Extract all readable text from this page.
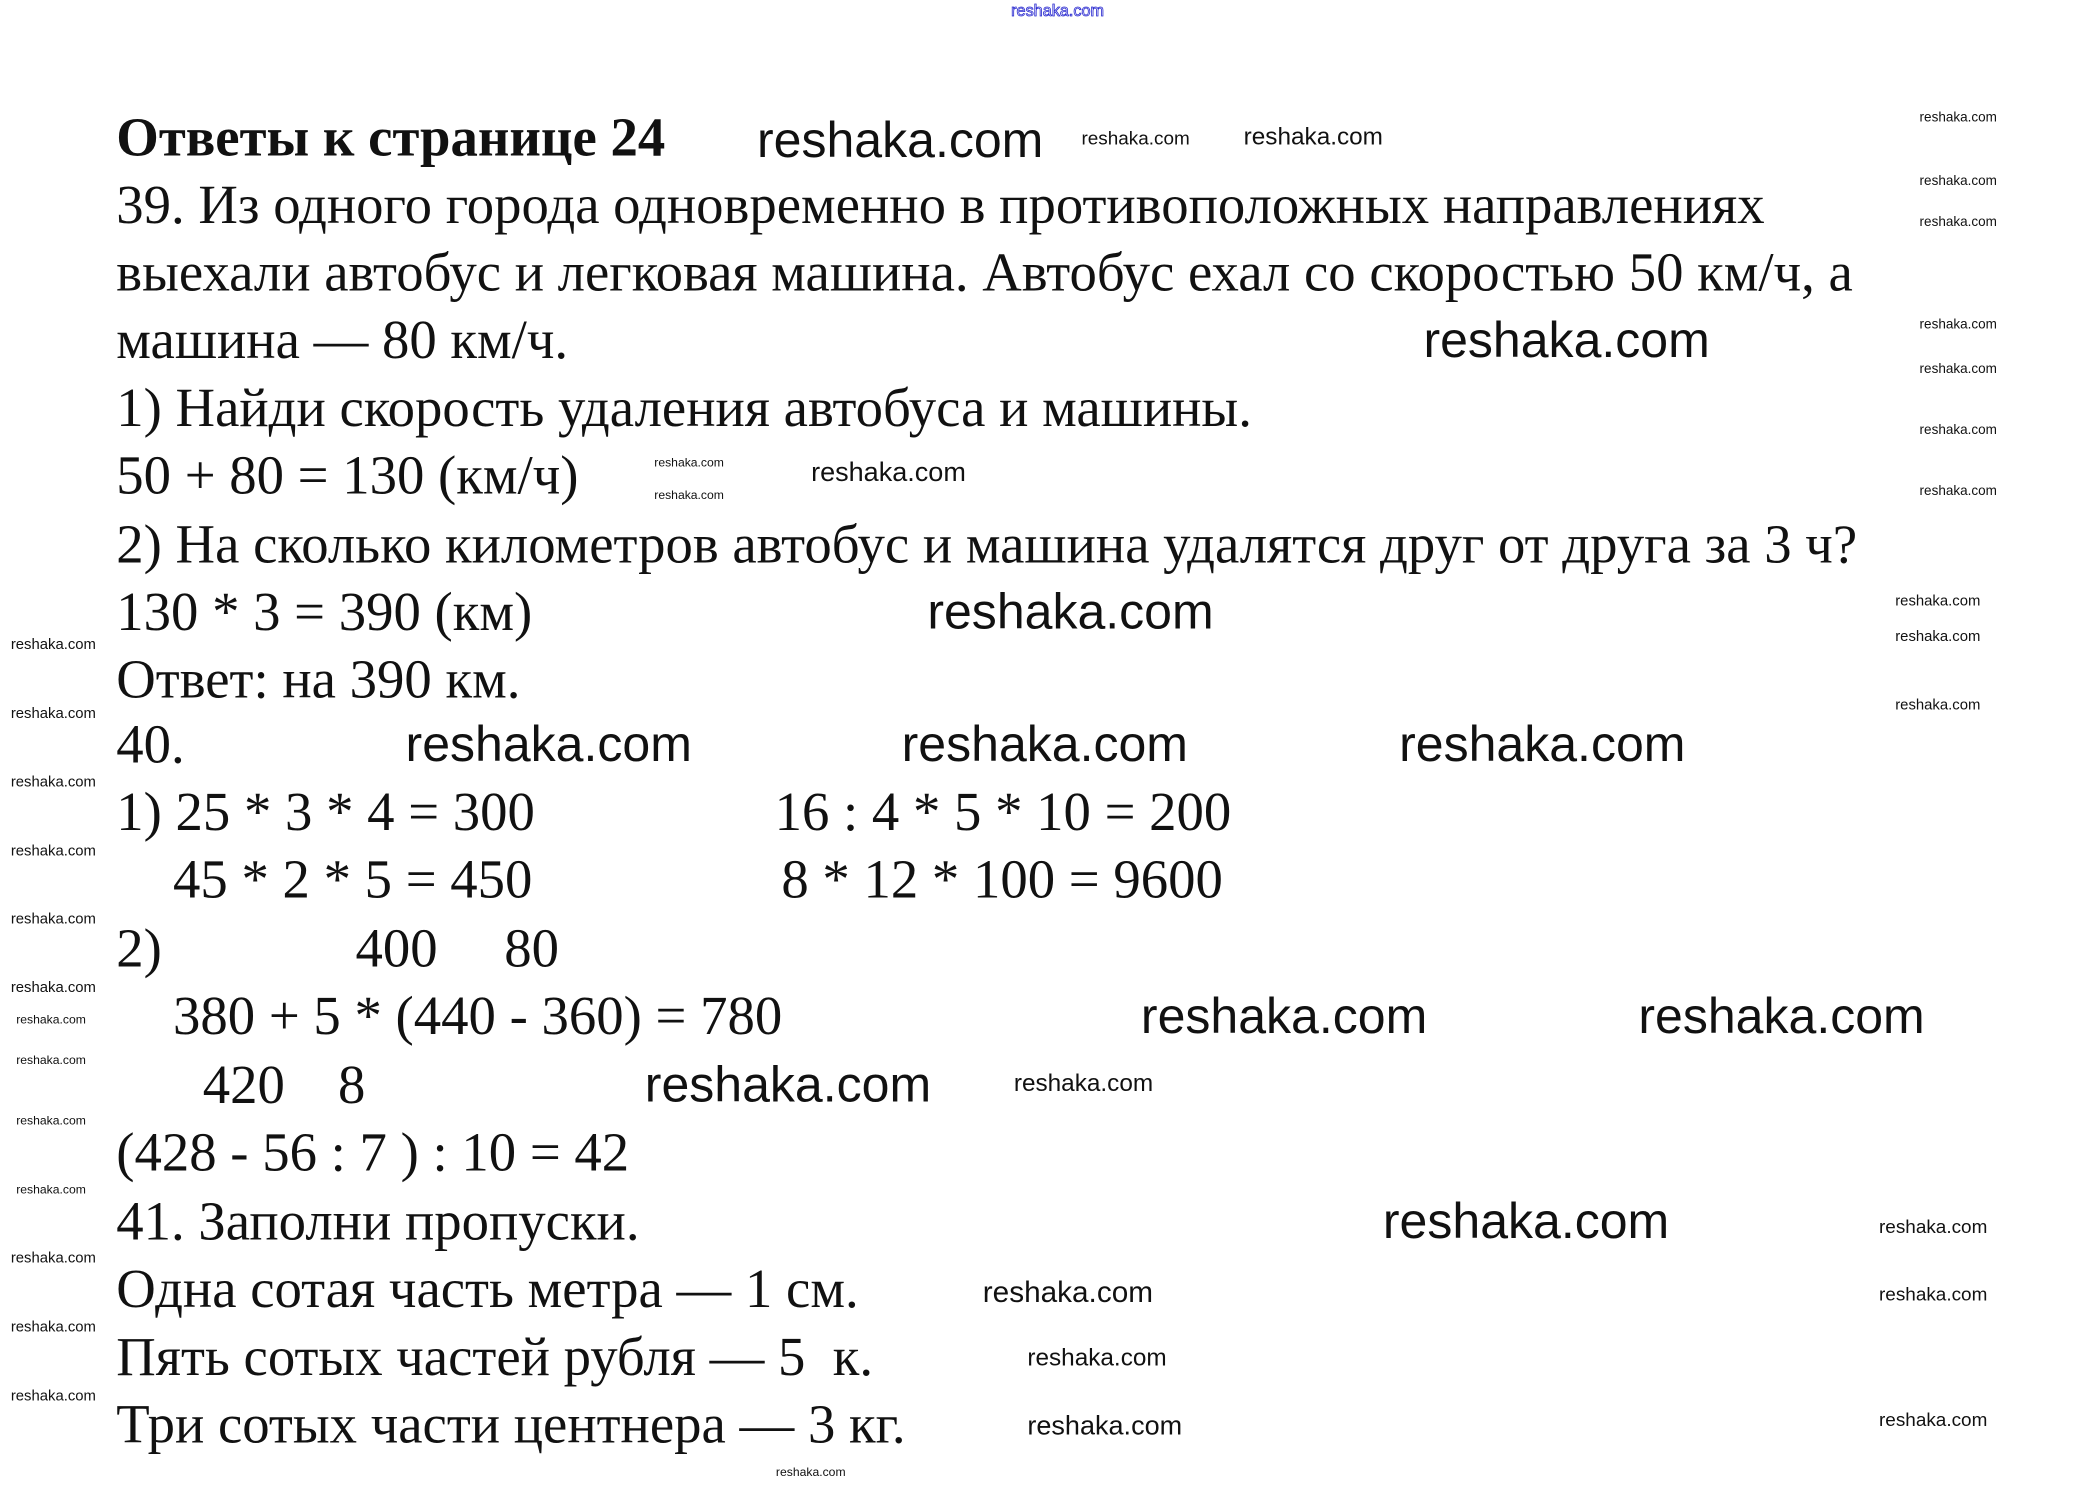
reshaka.com
Ответы к странице 24
39. Из одного города одновременно в противоположных направлениях
выехали автобус и легковая машина. Автобус ехал со скоростью 50 км/ч, а
машина — 80 км/ч.
1) Найди скорость удаления автобуса и машины.
50 + 80 = 130 (км/ч)
2) На сколько километров автобус и машина удалятся друг от друга за 3 ч?
130 * 3 = 390 (км)
Ответ: на 390 км.
40.
1) 25 * 3 * 4 = 300	16 : 4 * 5 * 10 = 200
45 * 2 * 5 = 450	8 * 12 * 100 = 9600
2)	400 80
380 + 5 * (440 - 360) = 780
420 8
(428 - 56 : 7 ) : 10 = 42
41. Заполни пропуски.
Одна сотая часть метра — 1 см.
Пять сотых частей рубля — 5  к.
Три сотых части центнера — 3 кг.
reshaka.com
reshaka.com
reshaka.com
reshaka.com	reshaka.com	reshaka.com
reshaka.com	reshaka.com
reshaka.com
reshaka.com
reshaka.com	reshaka.com
reshaka.com
reshaka.com
reshaka.com
reshaka.com
reshaka.com
reshaka.com
reshaka.com
reshaka.com
reshaka.com
reshaka.com
reshaka.com
reshaka.com
reshaka.com
reshaka.com
reshaka.com
reshaka.com
reshaka.com
reshaka.com
reshaka.com
reshaka.com
reshaka.com
reshaka.com
reshaka.com
reshaka.com
reshaka.com
reshaka.com
reshaka.com
reshaka.com
reshaka.com
reshaka.com
reshaka.com
reshaka.com
reshaka.com
reshaka.com
